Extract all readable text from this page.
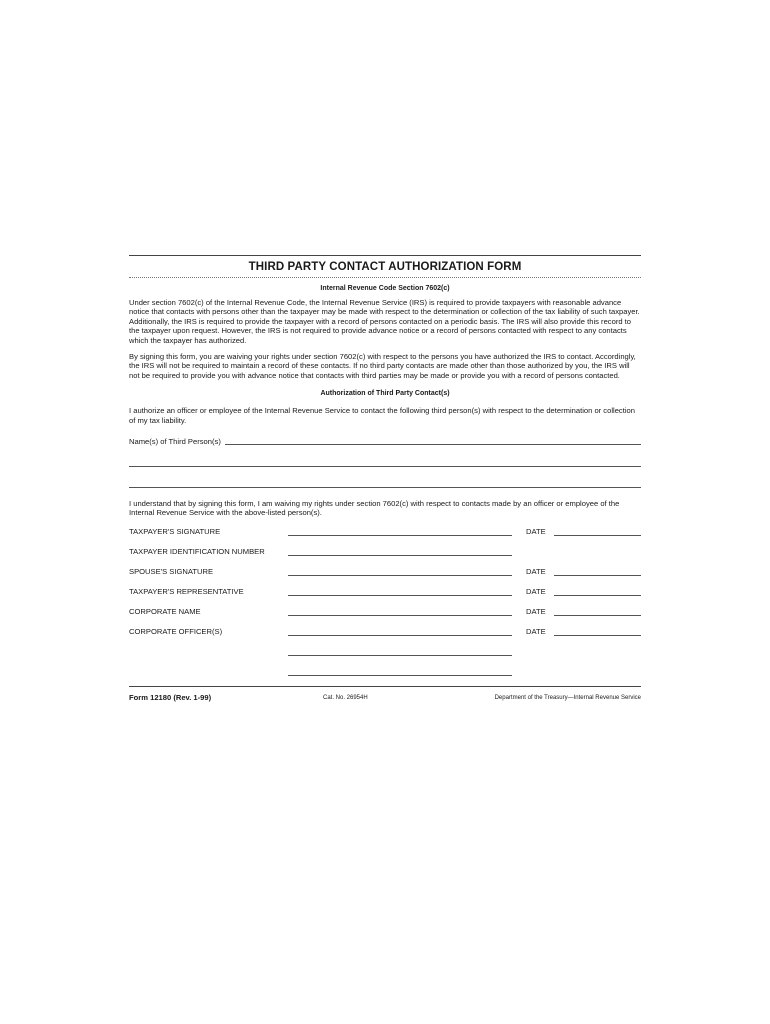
THIRD PARTY CONTACT AUTHORIZATION FORM
Internal Revenue Code Section 7602(c)

Under section 7602(c) of the Internal Revenue Code, the Internal Revenue Service (IRS) is required to provide taxpayers with reasonable advance notice that contacts with persons other than the taxpayer may be made with respect to the determination or collection of the tax liability of such taxpayer. Additionally, the IRS is required to provide the taxpayer with a record of persons contacted on a periodic basis. The IRS will also provide this record to the taxpayer upon request. However, the IRS is not required to provide advance notice or a record of persons contacted with respect to any contacts which the taxpayer has authorized.

By signing this form, you are waiving your rights under section 7602(c) with respect to the persons you have authorized the IRS to contact. Accordingly, the IRS will not be required to maintain a record of these contacts. If no third party contacts are made other than those authorized by you, the IRS will not be required to provide you with advance notice that contacts with third parties may be made or provide you with a record of persons contacted.

Authorization of Third Party Contact(s)

I authorize an officer or employee of the Internal Revenue Service to contact the following third person(s) with respect to the determination or collection of my tax liability.

Name(s) of Third Person(s)

I understand that by signing this form, I am waiving my rights under section 7602(c) with respect to contacts made by an officer or employee of the Internal Revenue Service with the above-listed person(s).

TAXPAYER'S SIGNATURE	DATE
TAXPAYER IDENTIFICATION NUMBER
SPOUSE'S SIGNATURE	DATE
TAXPAYER'S REPRESENTATIVE	DATE
CORPORATE NAME	DATE
CORPORATE OFFICER(S)	DATE
Form 12180 (Rev. 1-99)	Cat. No. 26954H	Department of the Treasury—Internal Revenue Service
